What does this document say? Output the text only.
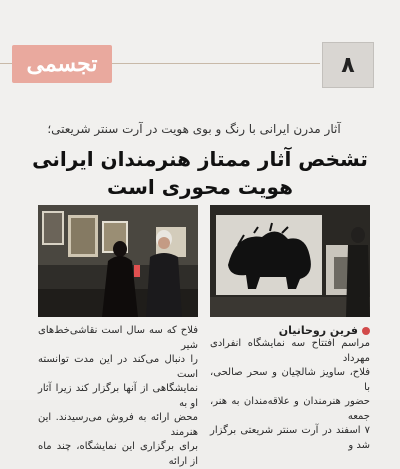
تجسمی	۸
آثار مدرن ایرانی با رنگ و بوی هویت در آرت سنتر شریعتی؛
تشخص آثار ممتاز هنرمندان ایرانی
هویت محوری است
فرین روحانیان

مراسم افتتاح سه نمایشگاه انفرادی مهرداد

فلاح، ساویز شالچیان و سحر صالحی، با

حضور هنرمندان و علاقه‌مندان به هنر، جمعه

۷ اسفند در آرت سنتر شریعتی برگزار شد و

فلاح که سه سال است نقاشی‌خط‌های شیر

را دنبال می‌کند در این مدت توانسته است

نمایشگاهی از آنها برگزار کند زیرا آثار او به

محض ارائه به فروش می‌رسیدند. این هنرمند

برای برگزاری این نمایشگاه، چند ماه از ارائه
